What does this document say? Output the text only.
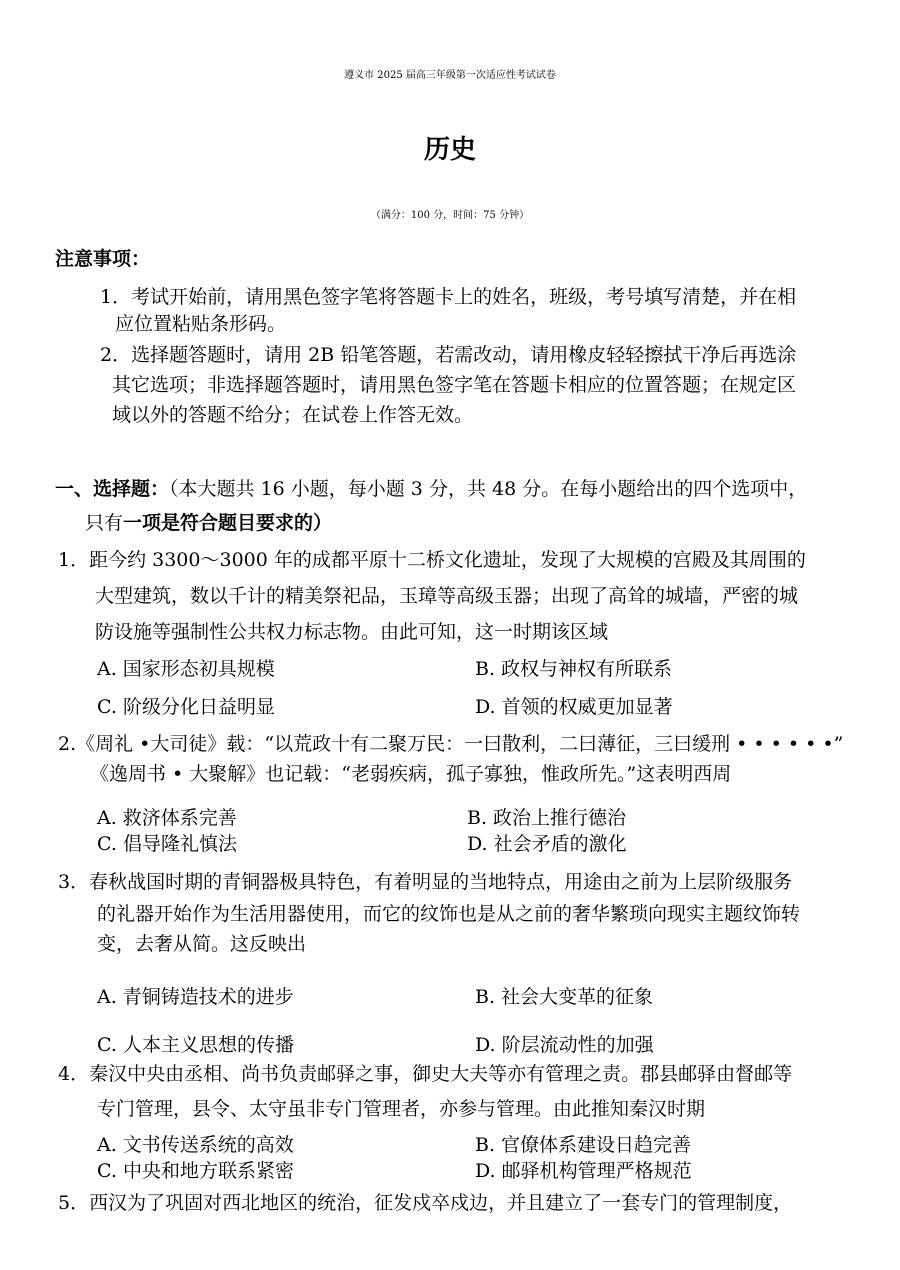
遵义市 2025 届高三年级第一次适应性考试试卷
历史
（满分：100 分，时间：75 分钟）
注意事项：
1．考试开始前，请用黑色签字笔将答题卡上的姓名，班级，考号填写清楚，并在相
应位置粘贴条形码。
2．选择题答题时，请用 2B 铅笔答题，若需改动，请用橡皮轻轻擦拭干净后再选涂
其它选项；非选择题答题时，请用黑色签字笔在答题卡相应的位置答题；在规定区
域以外的答题不给分；在试卷上作答无效。
一、选择题：（本大题共 16 小题，每小题 3 分，共 48 分。在每小题给出的四个选项中，
只有一项是符合题目要求的）
1．距今约 3300～3000 年的成都平原十二桥文化遗址，发现了大规模的宫殿及其周围的
大型建筑，数以千计的精美祭祀品，玉璋等高级玉器；出现了高耸的城墙，严密的城
防设施等强制性公共权力标志物。由此可知，这一时期该区域
A. 国家形态初具规模	B. 政权与神权有所联系
C. 阶级分化日益明显	D. 首领的权威更加显著
2.《周礼 •大司徒》载：“以荒政十有二聚万民：一曰散利，二曰薄征，三曰缓刑 • • • • • •”
《逸周书 • 大聚解》也记载：“老弱疾病，孤子寡独，惟政所先。”这表明西周
A. 救济体系完善	B. 政治上推行德治
C. 倡导隆礼慎法	D. 社会矛盾的激化
3．春秋战国时期的青铜器极具特色，有着明显的当地特点，用途由之前为上层阶级服务
的礼器开始作为生活用器使用，而它的纹饰也是从之前的奢华繁琐向现实主题纹饰转
变，去奢从简。这反映出
A. 青铜铸造技术的进步	B. 社会大变革的征象
C. 人本主义思想的传播	D. 阶层流动性的加强
4．秦汉中央由丞相、尚书负责邮驿之事，御史大夫等亦有管理之责。郡县邮驿由督邮等
专门管理，县令、太守虽非专门管理者，亦参与管理。由此推知秦汉时期
A. 文书传送系统的高效	B. 官僚体系建设日趋完善
C. 中央和地方联系紧密	D. 邮驿机构管理严格规范
5．西汉为了巩固对西北地区的统治，征发戍卒戍边，并且建立了一套专门的管理制度，
